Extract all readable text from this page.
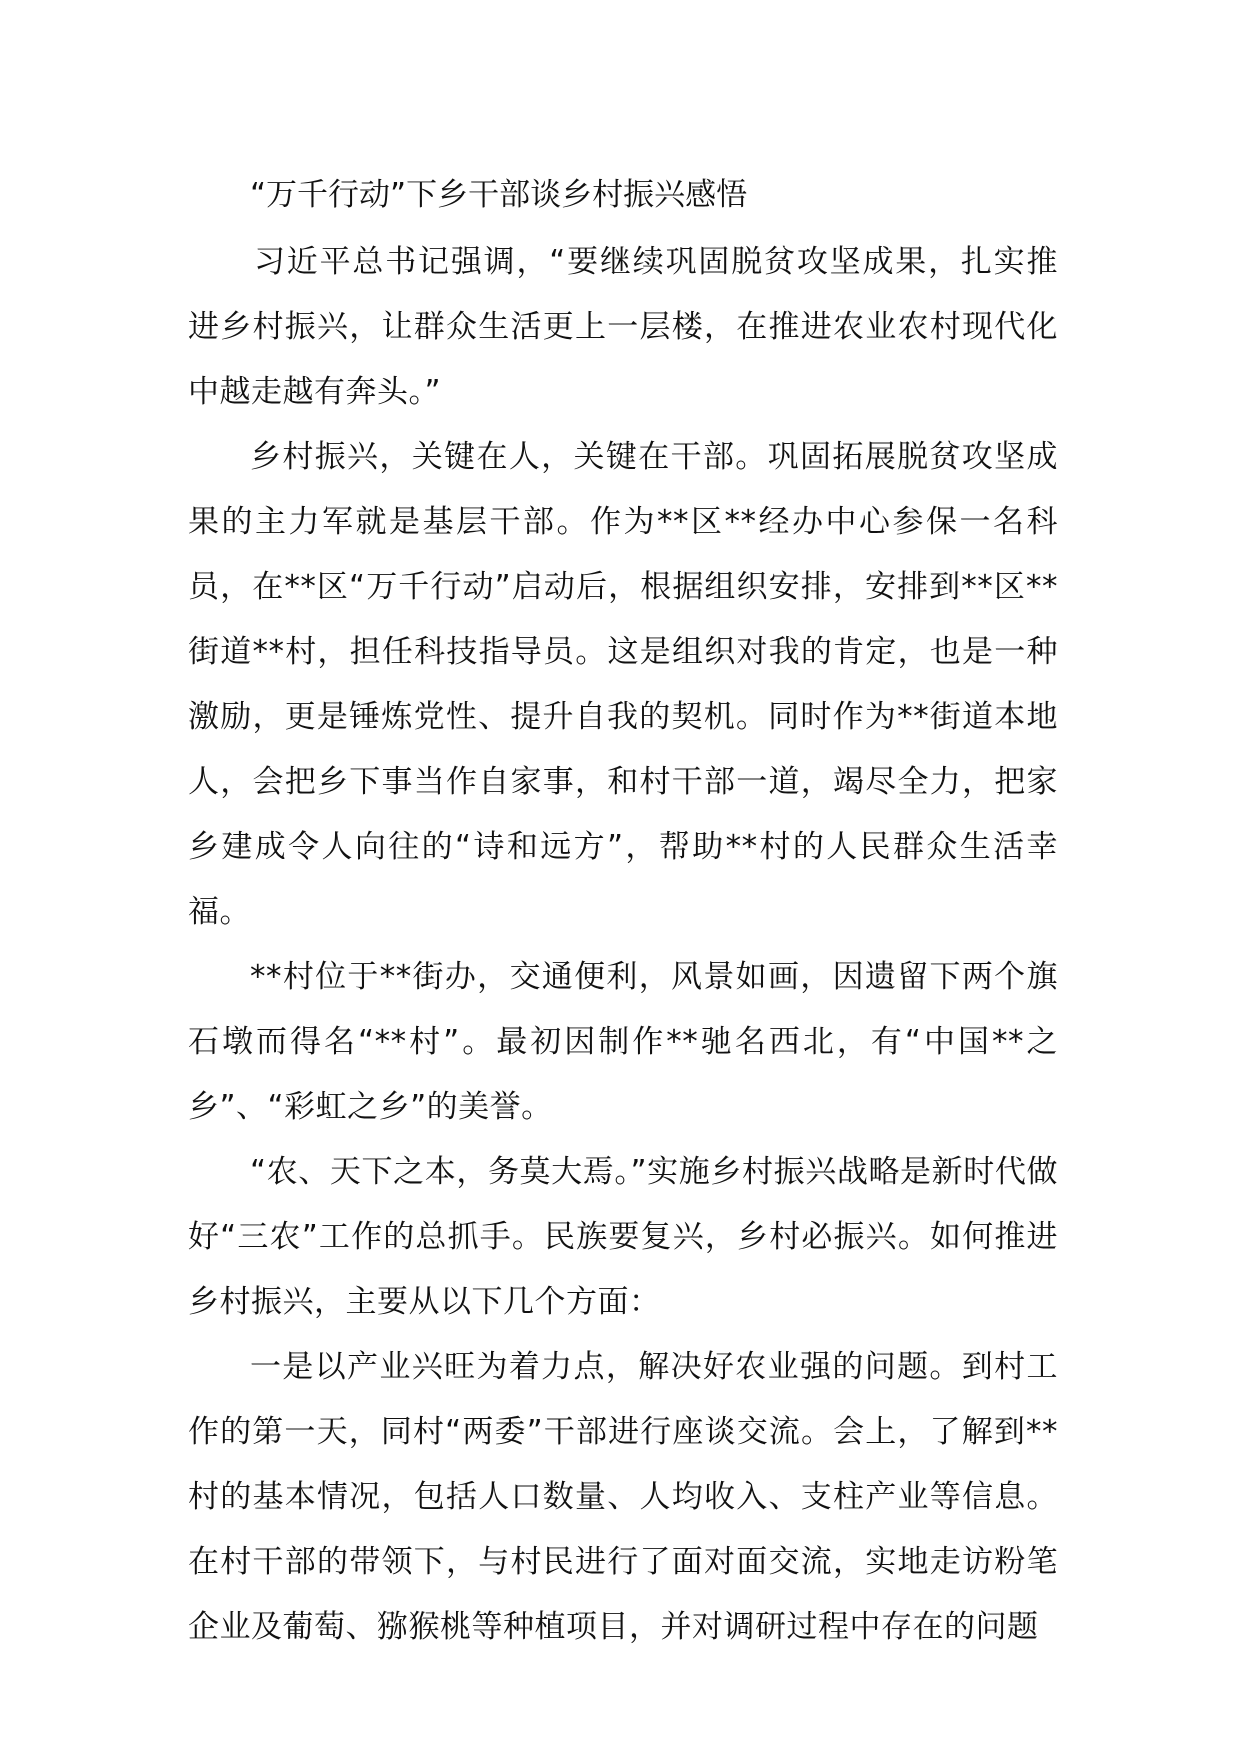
“万千行动”下乡干部谈乡村振兴感悟

习近平总书记强调，“要继续巩固脱贫攻坚成果，扎实推进乡村振兴，让群众生活更上一层楼，在推进农业农村现代化中越走越有奔头。”

乡村振兴，关键在人，关键在干部。巩固拓展脱贫攻坚成果的主力军就是基层干部。作为**区**经办中心参保一名科员，在**区“万千行动”启动后，根据组织安排，安排到**区**街道**村，担任科技指导员。这是组织对我的肯定，也是一种激励，更是锤炼党性、提升自我的契机。同时作为**街道本地人，会把乡下事当作自家事，和村干部一道，竭尽全力，把家乡建成令人向往的“诗和远方”，帮助**村的人民群众生活幸福。

**村位于**街办，交通便利，风景如画，因遗留下两个旗石墩而得名“**村”。最初因制作**驰名西北，有“中国**之乡”、“彩虹之乡”的美誉。

“农、天下之本，务莫大焉。”实施乡村振兴战略是新时代做好“三农”工作的总抓手。民族要复兴，乡村必振兴。如何推进乡村振兴，主要从以下几个方面：

一是以产业兴旺为着力点，解决好农业强的问题。到村工作的第一天，同村“两委”干部进行座谈交流。会上，了解到**村的基本情况，包括人口数量、人均收入、支柱产业等信息。在村干部的带领下，与村民进行了面对面交流，实地走访粉笔企业及葡萄、猕猴桃等种植项目，并对调研过程中存在的问题
